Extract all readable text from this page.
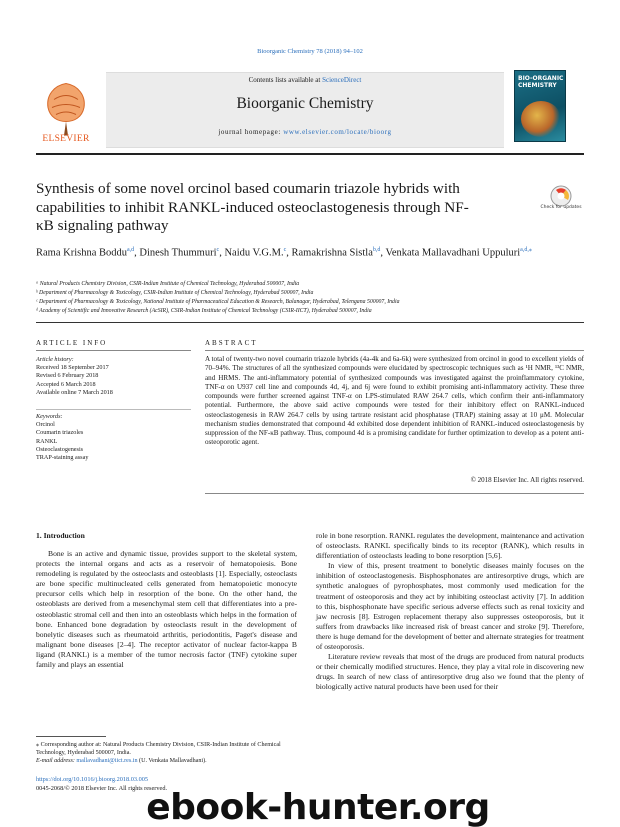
Bioorganic Chemistry 78 (2018) 94–102
ELSEVIER
Contents lists available at ScienceDirect
Bioorganic Chemistry
journal homepage: www.elsevier.com/locate/bioorg
BIO-ORGANIC CHEMISTRY
Synthesis of some novel orcinol based coumarin triazole hybrids with capabilities to inhibit RANKL-induced osteoclastogenesis through NF-κB signaling pathway
Check for updates
Rama Krishna Boddu$^{a,d}$, Dinesh Thummuri$^c$, Naidu V.G.M.$^c$, Ramakrishna Sistla$^{b,d}$, Venkata Mallavadhani Uppuluri$^{a,d,⁎}$
ᵃ Natural Products Chemistry Division, CSIR-Indian Institute of Chemical Technology, Hyderabad 500007, India
ᵇ Department of Pharmacology & Toxicology, CSIR-Indian Institute of Chemical Technology, Hyderabad 500007, India
ᶜ Department of Pharmacology & Toxicology, National Institute of Pharmaceutical Education & Research, Balanagar, Hyderabad, Telengana 500007, India
ᵈ Academy of Scientific and Innovative Research (AcSIR), CSIR-Indian Institute of Chemical Technology (CSIR-IICT), Hyderabad 500007, India
ARTICLE INFO
Article history:
Received 18 September 2017
Revised 6 February 2018
Accepted 6 March 2018
Available online 7 March 2018
Keywords:
Orcinol
Coumarin triazoles
RANKL
Osteoclastogenesis
TRAP-staining assay
ABSTRACT
A total of twenty-two novel coumarin triazole hybrids (4a-4k and 6a-6k) were synthesized from orcinol in good to excellent yields of 70–94%. The structures of all the synthesized compounds were elucidated by spectroscopic techniques such as ¹H NMR, ¹³C NMR, and HRMS. The anti-inflammatory potential of synthesized compounds was investigated against the proinflammatory cytokine, TNF-α on U937 cell line and compounds 4d, 4j, and 6j were found to exhibit promising anti-inflammatory activity. These three compounds were further screened against TNF-α on LPS-stimulated RAW 264.7 cells, which confirm their anti-inflammatory potential. Furthermore, the above said active compounds were tested for their inhibitory effect on RANKL-induced osteoclastogenesis in RAW 264.7 cells by using tartrate resistant acid phosphatase (TRAP) staining assay at 10 μM. Molecular mechanism studies demonstrated that compound 4d exhibited dose dependent inhibition of RANKL-induced osteoclastogenesis by suppression of the NF-κB pathway. Thus, compound 4d is a promising candidate for further optimization to develop as a potent anti-osteoporotic agent.
© 2018 Elsevier Inc. All rights reserved.
1. Introduction
Bone is an active and dynamic tissue, provides support to the skeletal system, protects the internal organs and acts as a reservoir of hematopoiesis. Bone remodeling is regulated by the osteoclasts and osteoblasts [1]. Especially, osteoclasts are bone specific multinucleated cells generated from hematopoietic monocyte precursor cells which help in resorption of the bone. On the other hand, the osteoblasts are derived from a mesenchymal stem cell that differentiates into a pre-osteoblastic stromal cell and then into an osteoblasts which helps in the formation of bone. Enhanced bone degradation by osteoclasts result in the development of bonelytic diseases such as rheumatoid arthritis, periodontitis, Paget's disease and malignant bone diseases [2–4]. The receptor activator of nuclear factor-kappa B ligand (RANKL) is a member of the tumor necrosis factor (TNF) cytokine super family and plays an essential

role in bone resorption. RANKL regulates the development, maintenance and activation of osteoclasts. RANKL specifically binds to its receptor (RANK), which results in differentiation of osteoclasts leading to bone resorption [5,6].

In view of this, present treatment to bonelytic diseases mainly focuses on the inhibition of osteoclastogenesis. Bisphosphonates are antiresorptive drugs, which are synthetic analogues of pyrophosphates, most commonly used medication for the treatment of osteoporosis and they act by inhibiting osteoclast activity [7]. In addition to this, bisphosphonate have specific serious adverse effects such as renal toxicity and jaw necrosis [8]. Estrogen replacement therapy also suppresses osteoporosis, but it suffers from drawbacks like increased risk of breast cancer and stroke [9]. Therefore, there is huge demand for the development of better and alternate strategies for treatment of osteoporosis.

Literature review reveals that most of the drugs are produced from natural products or their chemically modified structures. Hence, they play a vital role in discovering new drugs. In search of new class of antiresorptive drug also we found that the plenty of biologically active natural products have been used for their

⁎ Corresponding author at: Natural Products Chemistry Division, CSIR-Indian Institute of Chemical Technology, Hyderabad 500007, India.
E-mail address: mallavadhani@iict.res.in (U. Venkata Mallavadhani).
https://doi.org/10.1016/j.bioorg.2018.03.005
0045-2068/© 2018 Elsevier Inc. All rights reserved.
ebook-hunter.org
